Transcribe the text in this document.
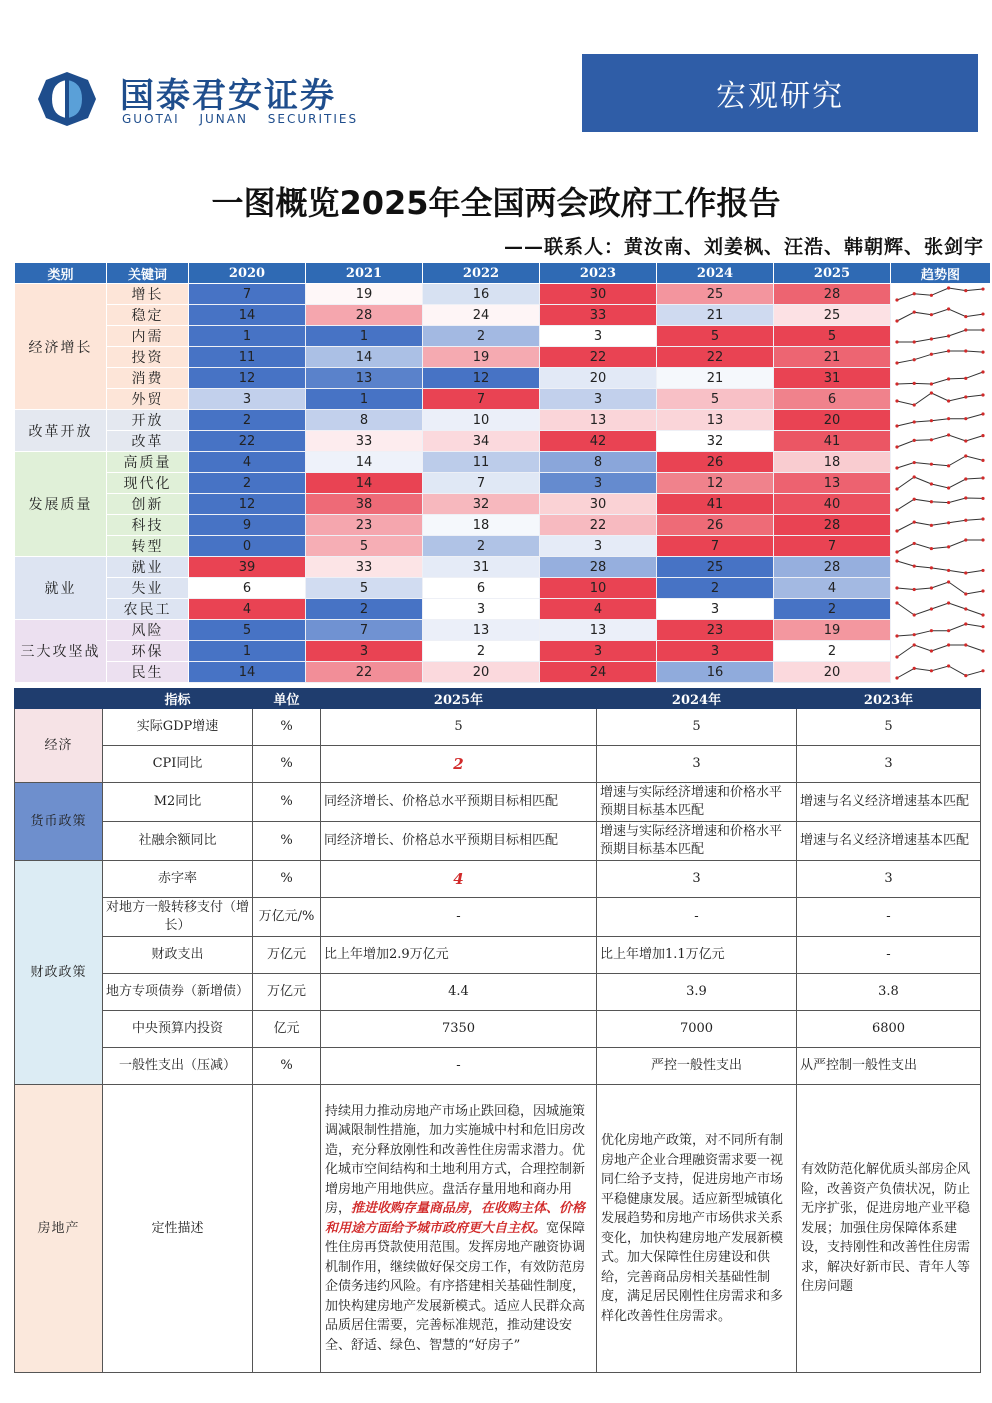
国泰君安证券
GUOTAI JUNAN SECURITIES
宏观研究
一图概览2025年全国两会政府工作报告
——联系人：黄汝南、刘姜枫、汪浩、韩朝辉、张剑宇
类别	关键词	2020	2021	2022	2023	2024	2025	趋势图
经济增长	增长	7	19	16	30	25	28	

	稳定	14	28	24	33	21	25	

	内需	1	1	2	3	5	5	

	投资	11	14	19	22	22	21	

	消费	12	13	12	20	21	31	

	外贸	3	1	7	3	5	6	

改革开放	开放	2	8	10	13	13	20	

	改革	22	33	34	42	32	41	

发展质量	高质量	4	14	11	8	26	18	

	现代化	2	14	7	3	12	13	

	创新	12	38	32	30	41	40	

	科技	9	23	18	22	26	28	

	转型	0	5	2	3	7	7	

就业	就业	39	33	31	28	25	28	

	失业	6	5	6	10	2	4	

	农民工	4	2	3	4	3	2	

三大攻坚战	风险	5	7	13	13	23	19	

	环保	1	3	2	3	3	2	

	民生	14	22	20	24	16	20	
	指标	单位	2025年	2024年	2023年
经济	实际GDP增速	%	5	5	5
	CPI同比	%	2	3	3
货币政策	M2同比	%	同经济增长、价格总水平预期目标相匹配	增速与实际经济增速和价格水平预期目标基本匹配	增速与名义经济增速基本匹配
	社融余额同比	%	同经济增长、价格总水平预期目标相匹配	增速与实际经济增速和价格水平预期目标基本匹配	增速与名义经济增速基本匹配
财政政策	赤字率	%	4	3	3
	对地方一般转移支付（增长）	万亿元/%	-	-	-
	财政支出	万亿元	比上年增加2.9万亿元	比上年增加1.1万亿元	-
	地方专项债券（新增债）	万亿元	4.4	3.9	3.8
	中央预算内投资	亿元	7350	7000	6800
	一般性支出（压减）	%	-	严控一般性支出	从严控制一般性支出
房地产	定性描述		持续用力推动房地产市场止跌回稳，因城施策调减限制性措施，加力实施城中村和危旧房改造，充分释放刚性和改善性住房需求潜力。优化城市空间结构和土地利用方式，合理控制新增房地产用地供应。盘活存量用地和商办用房，推进收购存量商品房，在收购主体、价格和用途方面给予城市政府更大自主权。宽保障性住房再贷款使用范围。发挥房地产融资协调机制作用，继续做好保交房工作，有效防范房企债务违约风险。有序搭建相关基础性制度，加快构建房地产发展新模式。适应人民群众高品质居住需要，完善标准规范，推动建设安全、舒适、绿色、智慧的“好房子”	优化房地产政策，对不同所有制房地产企业合理融资需求要一视同仁给予支持，促进房地产市场平稳健康发展。适应新型城镇化发展趋势和房地产市场供求关系变化，加快构建房地产发展新模式。加大保障性住房建设和供给，完善商品房相关基础性制度，满足居民刚性住房需求和多样化改善性住房需求。	有效防范化解优质头部房企风险，改善资产负债状况，防止无序扩张，促进房地产业平稳发展；加强住房保障体系建设，支持刚性和改善性住房需求，解决好新市民、青年人等住房问题
